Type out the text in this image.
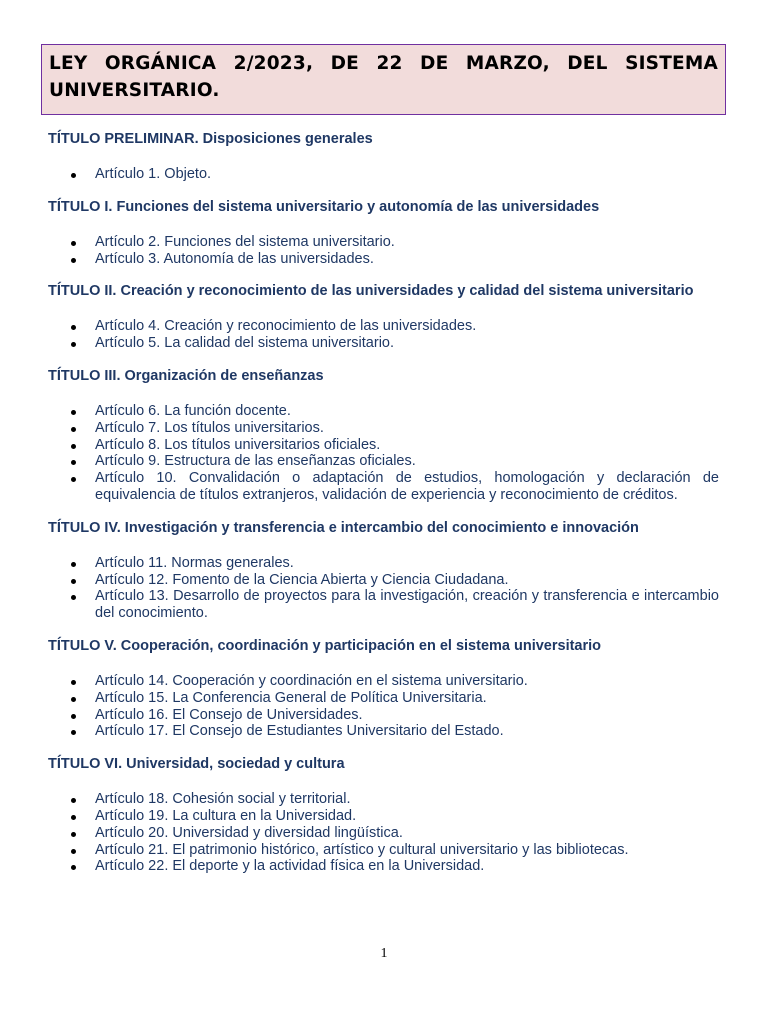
LEY ORGÁNICA 2/2023, DE 22 DE MARZO, DEL SISTEMA UNIVERSITARIO.
TÍTULO PRELIMINAR. Disposiciones generales
Artículo 1. Objeto.
TÍTULO I. Funciones del sistema universitario y autonomía de las universidades
Artículo 2. Funciones del sistema universitario.
Artículo 3. Autonomía de las universidades.
TÍTULO II. Creación y reconocimiento de las universidades y calidad del sistema universitario
Artículo 4. Creación y reconocimiento de las universidades.
Artículo 5. La calidad del sistema universitario.
TÍTULO III. Organización de enseñanzas
Artículo 6. La función docente.
Artículo 7. Los títulos universitarios.
Artículo 8. Los títulos universitarios oficiales.
Artículo 9. Estructura de las enseñanzas oficiales.
Artículo 10. Convalidación o adaptación de estudios, homologación y declaración de equivalencia de títulos extranjeros, validación de experiencia y reconocimiento de créditos.
TÍTULO IV. Investigación y transferencia e intercambio del conocimiento e innovación
Artículo 11. Normas generales.
Artículo 12. Fomento de la Ciencia Abierta y Ciencia Ciudadana.
Artículo 13. Desarrollo de proyectos para la investigación, creación y transferencia e intercambio del conocimiento.
TÍTULO V. Cooperación, coordinación y participación en el sistema universitario
Artículo 14. Cooperación y coordinación en el sistema universitario.
Artículo 15. La Conferencia General de Política Universitaria.
Artículo 16. El Consejo de Universidades.
Artículo 17. El Consejo de Estudiantes Universitario del Estado.
TÍTULO VI. Universidad, sociedad y cultura
Artículo 18. Cohesión social y territorial.
Artículo 19. La cultura en la Universidad.
Artículo 20. Universidad y diversidad lingüística.
Artículo 21. El patrimonio histórico, artístico y cultural universitario y las bibliotecas.
Artículo 22. El deporte y la actividad física en la Universidad.
1
